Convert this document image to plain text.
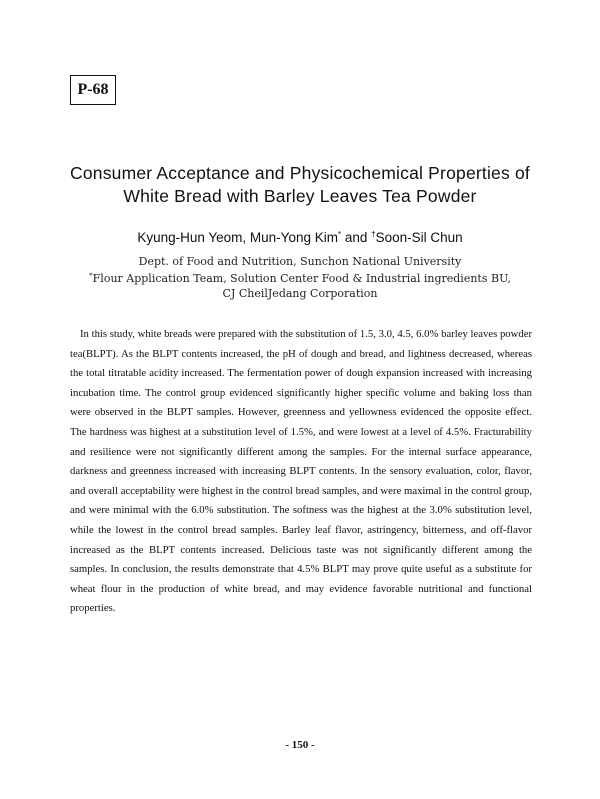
P-68
Consumer Acceptance and Physicochemical Properties of
White Bread with Barley Leaves Tea Powder
Kyung-Hun Yeom, Mun-Yong Kim* and †Soon-Sil Chun
Dept. of Food and Nutrition, Sunchon National University
*Flour Application Team, Solution Center Food & Industrial ingredients BU,
CJ CheilJedang Corporation

In this study, white breads were prepared with the substitution of 1.5, 3.0, 4.5, 6.0% barley leaves powder tea(BLPT). As the BLPT contents increased, the pH of dough and bread, and lightness decreased, whereas the total titratable acidity increased. The fermentation power of dough expansion increased with increasing incubation time. The control group evidenced significantly higher specific volume and baking loss than were observed in the BLPT samples. However, greenness and yellowness evidenced the opposite effect. The hardness was highest at a substitution level of 1.5%, and were lowest at a level of 4.5%. Fracturability and resilience were not significantly different among the samples. For the internal surface appearance, darkness and greenness increased with increasing BLPT contents. In the sensory evaluation, color, flavor, and overall acceptability were highest in the control bread samples, and were maximal in the control group, and were minimal with the 6.0% substitution. The softness was the highest at the 3.0% substitution level, while the lowest in the control bread samples. Barley leaf flavor, astringency, bitterness, and off-flavor increased as the BLPT contents increased. Delicious taste was not significantly different among the samples. In conclusion, the results demonstrate that 4.5% BLPT may prove quite useful as a substitute for wheat flour in the production of white bread, and may evidence favorable nutritional and functional properties.

- 150 -
